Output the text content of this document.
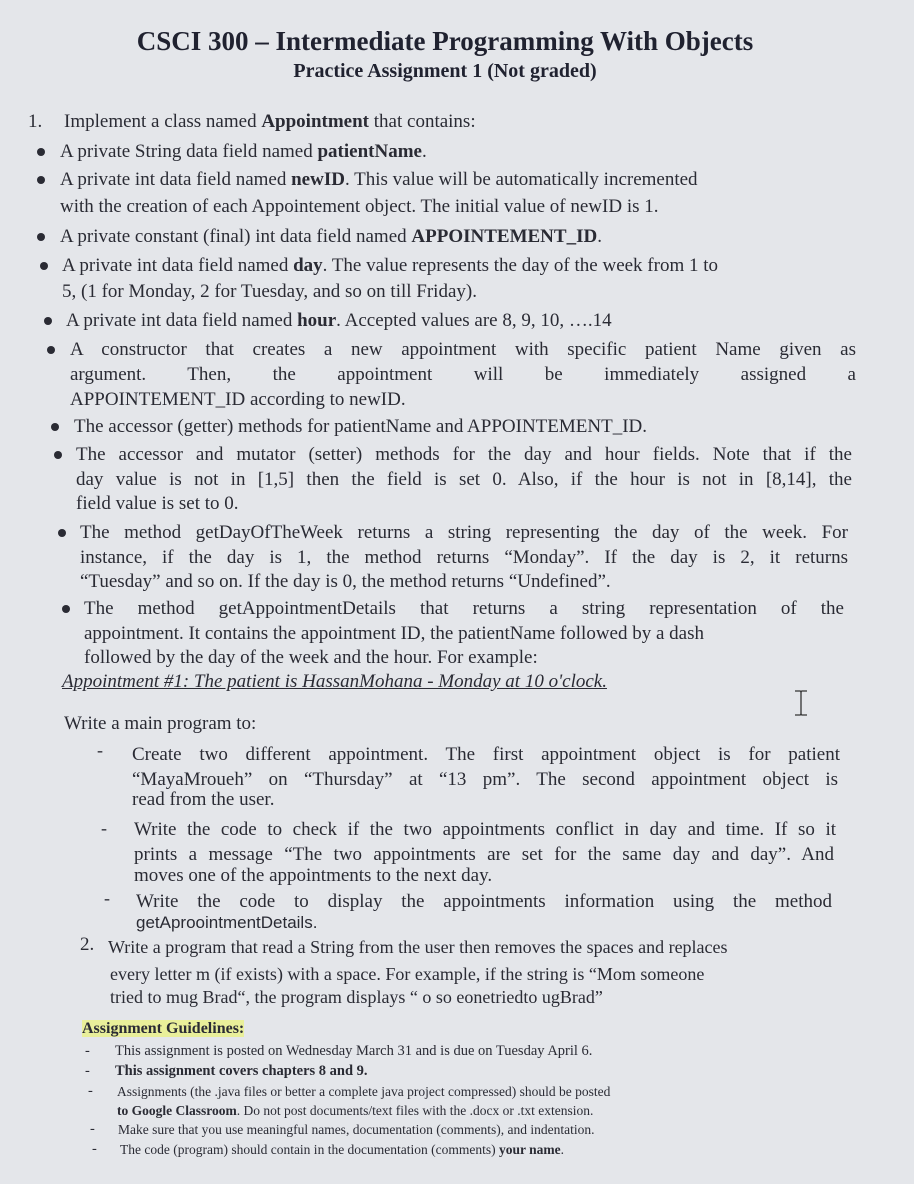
CSCI 300 – Intermediate Programming With Objects
Practice Assignment 1 (Not graded)
1. Implement a class named Appointment that contains:
A private String data field named patientName.
A private int data field named newID. This value will be automatically incremented
with the creation of each Appointement object. The initial value of newID is 1.
A private constant (final) int data field named APPOINTEMENT_ID.
A private int data field named day. The value represents the day of the week from 1 to
5, (1 for Monday, 2 for Tuesday, and so on till Friday).
A private int data field named hour. Accepted values are 8, 9, 10, ….14
A constructor that creates a new appointment with specific patient Name given as
argument. Then, the appointment will be immediately assigned a
APPOINTEMENT_ID according to newID.
The accessor (getter) methods for patientName and APPOINTEMENT_ID.
The accessor and mutator (setter) methods for the day and hour fields. Note that if the
day value is not in [1,5] then the field is set 0. Also, if the hour is not in [8,14], the
field value is set to 0.
The method getDayOfTheWeek returns a string representing the day of the week. For
instance, if the day is 1, the method returns “Monday”. If the day is 2, it returns
“Tuesday” and so on. If the day is 0, the method returns “Undefined”.
The method getAppointmentDetails that returns a string representation of the
appointment. It contains the appointment ID, the patientName followed by a dash
followed by the day of the week and the hour. For example:
Appointment #1: The patient is HassanMohana - Monday at 10 o'clock.
Write a main program to:
- Create two different appointment. The first appointment object is for patient
“MayaMroueh” on “Thursday” at “13 pm”. The second appointment object is
read from the user.
- Write the code to check if the two appointments conflict in day and time. If so it
prints a message “The two appointments are set for the same day and day”. And
moves one of the appointments to the next day.
- Write the code to display the appointments information using the method
getAproointmentDetails.
2. Write a program that read a String from the user then removes the spaces and replaces
every letter m (if exists) with a space. For example, if the string is “Mom someone
tried to mug Brad“, the program displays “ o so eonetriedto ugBrad”
Assignment Guidelines:
- This assignment is posted on Wednesday March 31 and is due on Tuesday April 6.
- This assignment covers chapters 8 and 9.
- Assignments (the .java files or better a complete java project compressed) should be posted
to Google Classroom. Do not post documents/text files with the .docx or .txt extension.
- Make sure that you use meaningful names, documentation (comments), and indentation.
- The code (program) should contain in the documentation (comments) your name.
